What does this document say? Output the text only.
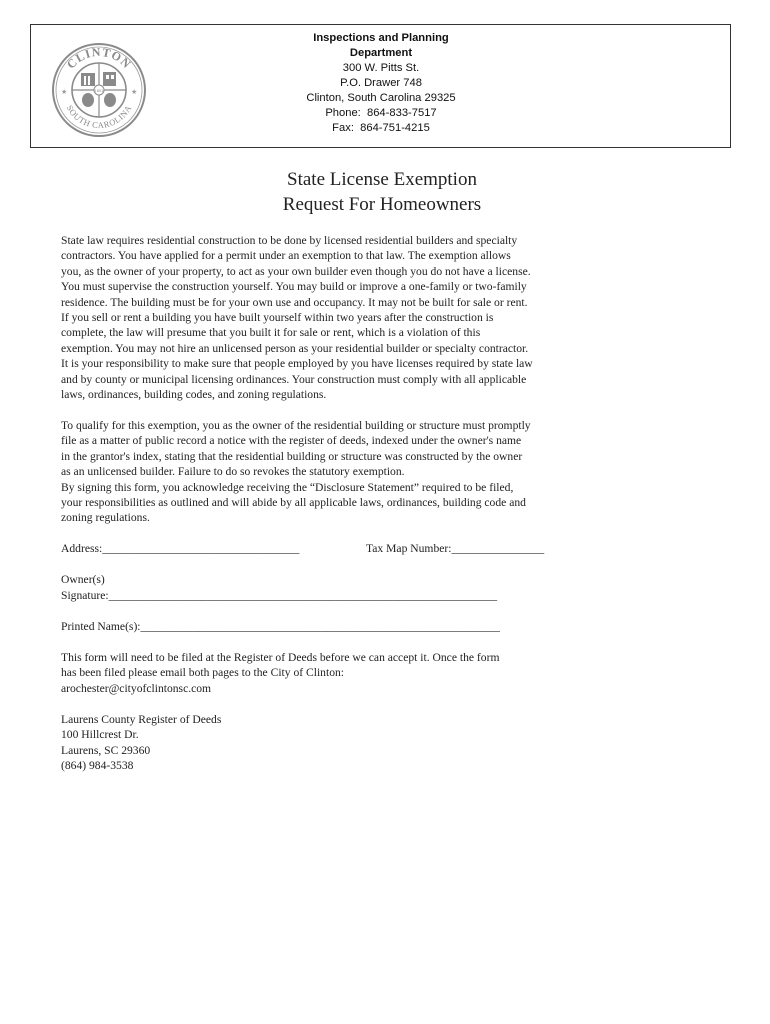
CLINTON
SOUTH CAROLINA
★	★
1852
Inspections and Planning
Department
300 W. Pitts St.
P.O. Drawer 748
Clinton, South Carolina 29325
Phone:  864-833-7517
Fax:  864-751-4215
State License Exemption
Request For Homeowners

State law requires residential construction to be done by licensed residential builders and specialty

contractors. You have applied for a permit under an exemption to that law. The exemption allows

you, as the owner of your property, to act as your own builder even though you do not have a license.

You must supervise the construction yourself. You may build or improve a one-family or two-family

residence. The building must be for your own use and occupancy. It may not be built for sale or rent.

If you sell or rent a building you have built yourself within two years after the construction is

complete, the law will presume that you built it for sale or rent, which is a violation of this

exemption. You may not hire an unlicensed person as your residential builder or specialty contractor.

It is your responsibility to make sure that people employed by you have licenses required by state law

and by county or municipal licensing ordinances. Your construction must comply with all applicable

laws, ordinances, building codes, and zoning regulations.

To qualify for this exemption, you as the owner of the residential building or structure must promptly

file as a matter of public record a notice with the register of deeds, indexed under the owner's name

in the grantor's index, stating that the residential building or structure was constructed by the owner

as an unlicensed builder. Failure to do so revokes the statutory exemption.

By signing this form, you acknowledge receiving the “Disclosure Statement” required to be filed,

your responsibilities as outlined and will abide by all applicable laws, ordinances, building code and

zoning regulations.

Address:__________________________________	Tax Map Number:________________
Owner(s)
Signature:___________________________________________________________________
Printed Name(s):______________________________________________________________

This form will need to be filed at the Register of Deeds before we can accept it. Once the form

has been filed please email both pages to the City of Clinton:

arochester@cityofclintonsc.com

Laurens County Register of Deeds

100 Hillcrest Dr.

Laurens, SC 29360

(864) 984-3538
